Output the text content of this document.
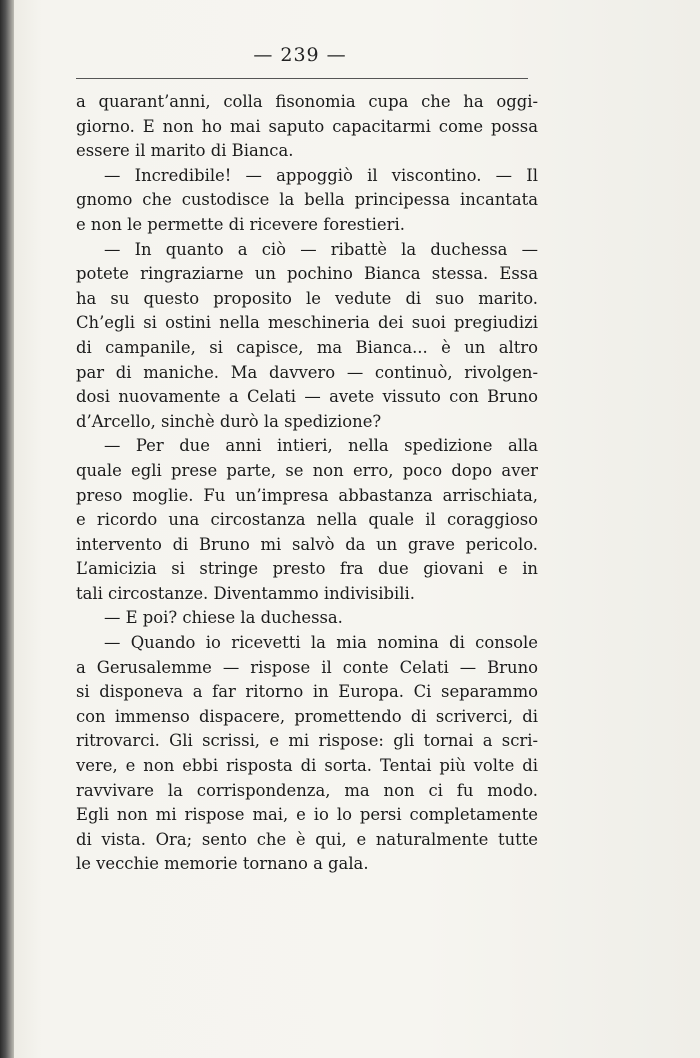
— 239 —
a quarant’anni, colla fisonomia cupa che ha oggi-
giorno. E non ho mai saputo capacitarmi come possa
essere il marito di Bianca.
— Incredibile! — appoggiò il viscontino. — Il
gnomo che custodisce la bella principessa incantata
e non le permette di ricevere forestieri.
— In quanto a ciò — ribattè la duchessa —
potete ringraziarne un pochino Bianca stessa. Essa
ha su questo proposito le vedute di suo marito.
Ch’egli si ostini nella meschineria dei suoi pregiudizi
di campanile, si capisce, ma Bianca... è un altro
par di maniche. Ma davvero — continuò, rivolgen-
dosi nuovamente a Celati — avete vissuto con Bruno
d’Arcello, sinchè durò la spedizione?
— Per due anni intieri, nella spedizione alla
quale egli prese parte, se non erro, poco dopo aver
preso moglie. Fu un’impresa abbastanza arrischiata,
e ricordo una circostanza nella quale il coraggioso
intervento di Bruno mi salvò da un grave pericolo.
L’amicizia si stringe presto fra due giovani e in
tali circostanze. Diventammo indivisibili.
— E poi? chiese la duchessa.
— Quando io ricevetti la mia nomina di console
a Gerusalemme — rispose il conte Celati — Bruno
si disponeva a far ritorno in Europa. Ci separammo
con immenso dispacere, promettendo di scriverci, di
ritrovarci. Gli scrissi, e mi rispose: gli tornai a scri-
vere, e non ebbi risposta di sorta. Tentai più volte di
ravvivare la corrispondenza, ma non ci fu modo.
Egli non mi rispose mai, e io lo persi completamente
di vista. Ora; sento che è qui, e naturalmente tutte
le vecchie memorie tornano a gala.
